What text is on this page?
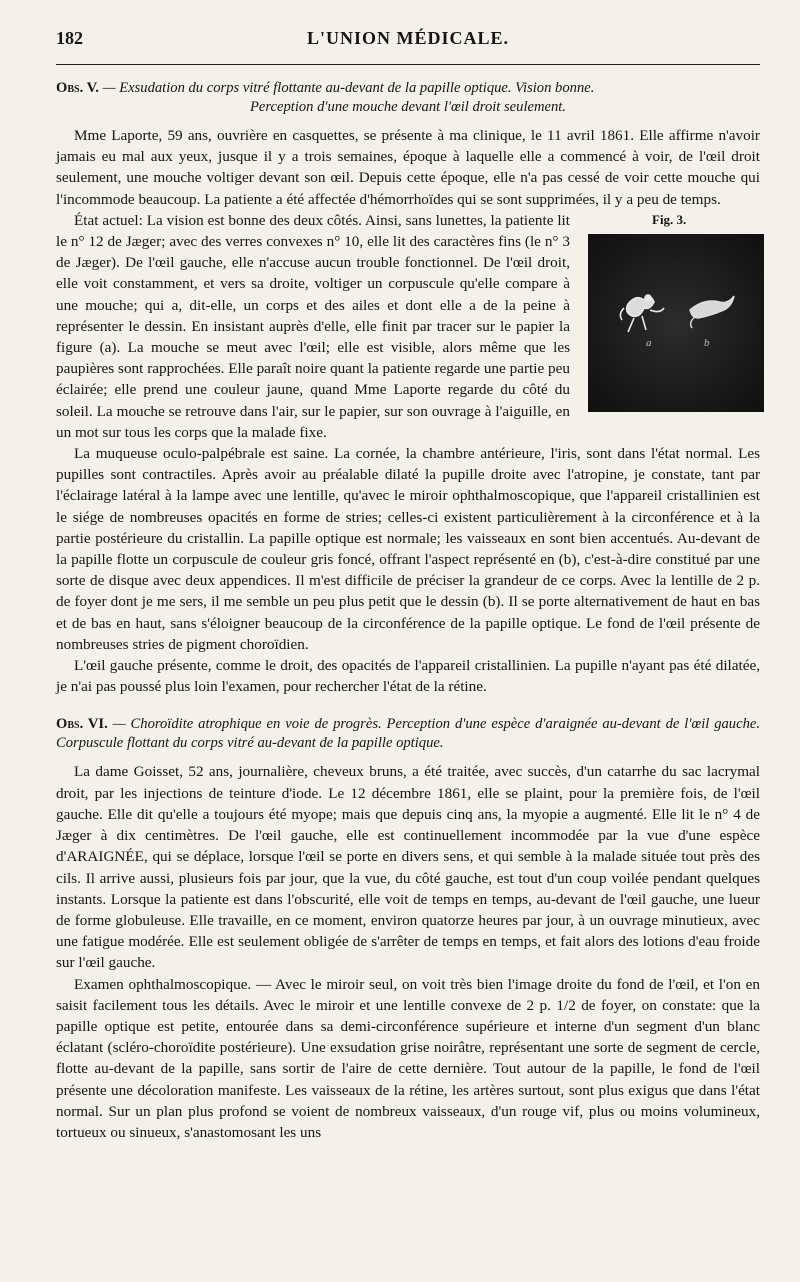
182	L'UNION MÉDICALE.
Obs. V. — Exsudation du corps vitré flottante au-devant de la papille optique. Vision bonne.
Perception d'une mouche devant l'œil droit seulement.

Mme Laporte, 59 ans, ouvrière en casquettes, se présente à ma clinique, le 11 avril 1861. Elle affirme n'avoir jamais eu mal aux yeux, jusque il y a trois semaines, époque à laquelle elle a commencé à voir, de l'œil droit seulement, une mouche voltiger devant son œil. Depuis cette époque, elle n'a pas cessé de voir cette mouche qui l'incommode beaucoup. La patiente a été affectée d'hémorrhoïdes qui se sont supprimées, il y a peu de temps.

Fig. 3.
a	b

État actuel: La vision est bonne des deux côtés. Ainsi, sans lunettes, la patiente lit le n° 12 de Jæger; avec des verres convexes n° 10, elle lit des caractères fins (le n° 3 de Jæger). De l'œil gauche, elle n'accuse aucun trouble fonctionnel. De l'œil droit, elle voit constamment, et vers sa droite, voltiger un corpuscule qu'elle compare à une mouche; qui a, dit-elle, un corps et des ailes et dont elle a de la peine à représenter le dessin. En insistant auprès d'elle, elle finit par tracer sur le papier la figure (a). La mouche se meut avec l'œil; elle est visible, alors même que les paupières sont rapprochées. Elle paraît noire quant la patiente regarde une partie peu éclairée; elle prend une couleur jaune, quand Mme Laporte regarde du côté du soleil. La mouche se retrouve dans l'air, sur le papier, sur son ouvrage à l'aiguille, en un mot sur tous les corps que la malade fixe.

La muqueuse oculo-palpébrale est saine. La cornée, la chambre antérieure, l'iris, sont dans l'état normal. Les pupilles sont contractiles. Après avoir au préalable dilaté la pupille droite avec l'atropine, je constate, tant par l'éclairage latéral à la lampe avec une lentille, qu'avec le miroir ophthalmoscopique, que l'appareil cristallinien est le siége de nombreuses opacités en forme de stries; celles-ci existent particulièrement à la circonférence et à la partie postérieure du cristallin. La papille optique est normale; les vaisseaux en sont bien accentués. Au-devant de la papille flotte un corpuscule de couleur gris foncé, offrant l'aspect représenté en (b), c'est-à-dire constitué par une sorte de disque avec deux appendices. Il m'est difficile de préciser la grandeur de ce corps. Avec la lentille de 2 p. de foyer dont je me sers, il me semble un peu plus petit que le dessin (b). Il se porte alternativement de haut en bas et de bas en haut, sans s'éloigner beaucoup de la circonférence de la papille optique. Le fond de l'œil présente de nombreuses stries de pigment choroïdien.

L'œil gauche présente, comme le droit, des opacités de l'appareil cristallinien. La pupille n'ayant pas été dilatée, je n'ai pas poussé plus loin l'examen, pour rechercher l'état de la rétine.

Obs. VI. — Choroïdite atrophique en voie de progrès. Perception d'une espèce d'araignée au-devant de l'œil gauche. Corpuscule flottant du corps vitré au-devant de la papille optique.

La dame Goisset, 52 ans, journalière, cheveux bruns, a été traitée, avec succès, d'un catarrhe du sac lacrymal droit, par les injections de teinture d'iode. Le 12 décembre 1861, elle se plaint, pour la première fois, de l'œil gauche. Elle dit qu'elle a toujours été myope; mais que depuis cinq ans, la myopie a augmenté. Elle lit le n° 4 de Jæger à dix centimètres. De l'œil gauche, elle est continuellement incommodée par la vue d'une espèce d'ARAIGNÉE, qui se déplace, lorsque l'œil se porte en divers sens, et qui semble à la malade située tout près des cils. Il arrive aussi, plusieurs fois par jour, que la vue, du côté gauche, est tout d'un coup voilée pendant quelques instants. Lorsque la patiente est dans l'obscurité, elle voit de temps en temps, au-devant de l'œil gauche, une lueur de forme globuleuse. Elle travaille, en ce moment, environ quatorze heures par jour, à un ouvrage minutieux, avec une fatigue modérée. Elle est seulement obligée de s'arrêter de temps en temps, et fait alors des lotions d'eau froide sur l'œil gauche.

Examen ophthalmoscopique. — Avec le miroir seul, on voit très bien l'image droite du fond de l'œil, et l'on en saisit facilement tous les détails. Avec le miroir et une lentille convexe de 2 p. 1/2 de foyer, on constate: que la papille optique est petite, entourée dans sa demi-circonférence supérieure et interne d'un segment d'un blanc éclatant (scléro-choroïdite postérieure). Une exsudation grise noirâtre, représentant une sorte de segment de cercle, flotte au-devant de la papille, sans sortir de l'aire de cette dernière. Tout autour de la papille, le fond de l'œil présente une décoloration manifeste. Les vaisseaux de la rétine, les artères surtout, sont plus exigus que dans l'état normal. Sur un plan plus profond se voient de nombreux vaisseaux, d'un rouge vif, plus ou moins volumineux, tortueux ou sinueux, s'anastomosant les uns
